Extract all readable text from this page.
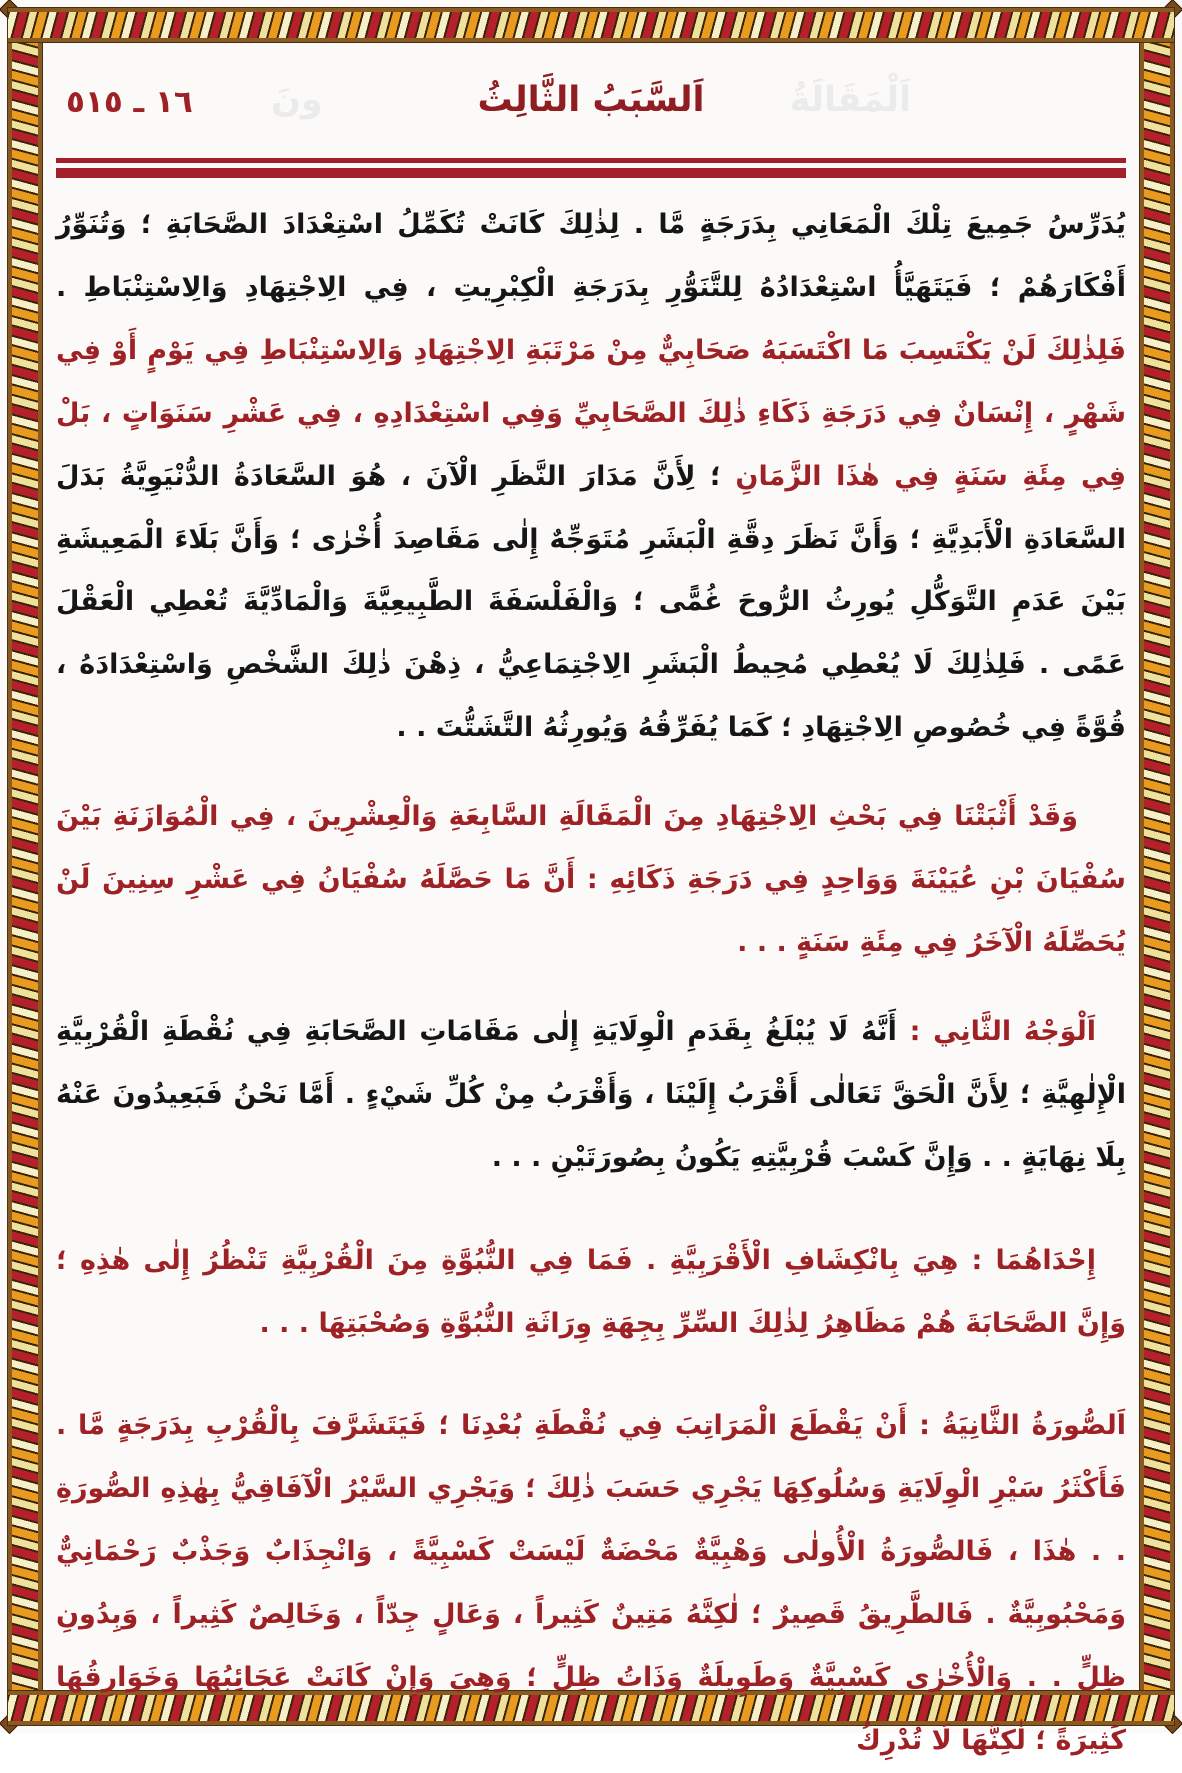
١٦ ـ ٥١٥	اَلْمَقَالَةُ
ونَ	اَلسَّبَبُ الثَّالِثُ

يُدَرِّسُ جَمِيعَ تِلْكَ الْمَعَانِي بِدَرَجَةٍ مَّا . لِذٰلِكَ كَانَتْ تُكَمِّلُ اسْتِعْدَادَ الصَّحَابَةِ ؛ وَتُنَوِّرُ أَفْكَارَهُمْ ؛ فَيَتَهَيَّأُ اسْتِعْدَادُهُ لِلتَّنَوُّرِ بِدَرَجَةِ الْكِبْرِيتِ ، فِي الِاجْتِهَادِ وَالِاسْتِنْبَاطِ . فَلِذٰلِكَ لَنْ يَكْتَسِبَ مَا اكْتَسَبَهُ صَحَابِيٌّ مِنْ مَرْتَبَةِ الِاجْتِهَادِ وَالِاسْتِنْبَاطِ فِي يَوْمٍ أَوْ فِي شَهْرٍ ، إِنْسَانٌ فِي دَرَجَةِ ذَكَاءِ ذٰلِكَ الصَّحَابِيِّ وَفِي اسْتِعْدَادِهِ ، فِي عَشْرِ سَنَوَاتٍ ، بَلْ فِي مِئَةِ سَنَةٍ فِي هٰذَا الزَّمَانِ ؛ لِأَنَّ مَدَارَ النَّظَرِ الْآنَ ، هُوَ السَّعَادَةُ الدُّنْيَوِيَّةُ بَدَلَ السَّعَادَةِ الْأَبَدِيَّةِ ؛ وَأَنَّ نَظَرَ دِقَّةِ الْبَشَرِ مُتَوَجِّهٌ إِلٰى مَقَاصِدَ أُخْرٰى ؛ وَأَنَّ بَلَاءَ الْمَعِيشَةِ بَيْنَ عَدَمِ التَّوَكُّلِ يُورِثُ الرُّوحَ غُمًّى ؛ وَالْفَلْسَفَةَ الطَّبِيعِيَّةَ وَالْمَادِّيَّةَ تُعْطِي الْعَقْلَ عَمًى . فَلِذٰلِكَ لَا يُعْطِي مُحِيطُ الْبَشَرِ الِاجْتِمَاعِيُّ ، ذِهْنَ ذٰلِكَ الشَّخْصِ وَاسْتِعْدَادَهُ ، قُوَّةً فِي خُصُوصِ الِاجْتِهَادِ ؛ كَمَا يُفَرِّقُهُ وَيُورِثُهُ التَّشَتُّتَ . .

وَقَدْ أَثْبَتْنَا فِي بَحْثِ الِاجْتِهَادِ مِنَ الْمَقَالَةِ السَّابِعَةِ وَالْعِشْرِينَ ، فِي الْمُوَازَنَةِ بَيْنَ سُفْيَانَ بْنِ عُيَيْنَةَ وَوَاحِدٍ فِي دَرَجَةِ ذَكَائِهِ : أَنَّ مَا حَصَّلَهُ سُفْيَانُ فِي عَشْرِ سِنِينَ لَنْ يُحَصِّلَهُ الْآخَرُ فِي مِئَةِ سَنَةٍ . . .

اَلْوَجْهُ الثَّانِي : أَنَّهُ لَا يُبْلَغُ بِقَدَمِ الْوِلَايَةِ إِلٰى مَقَامَاتِ الصَّحَابَةِ فِي نُقْطَةِ الْقُرْبِيَّةِ الْإِلٰهِيَّةِ ؛ لِأَنَّ الْحَقَّ تَعَالٰى أَقْرَبُ إِلَيْنَا ، وَأَقْرَبُ مِنْ كُلِّ شَيْءٍ . أَمَّا نَحْنُ فَبَعِيدُونَ عَنْهُ بِلَا نِهَايَةٍ . . وَإِنَّ كَسْبَ قُرْبِيَّتِهِ يَكُونُ بِصُورَتَيْنِ . . .

إِحْدَاهُمَا : هِيَ بِانْكِشَافِ الْأَقْرَبِيَّةِ . فَمَا فِي النُّبُوَّةِ مِنَ الْقُرْبِيَّةِ تَنْظُرُ إِلٰى هٰذِهِ ؛ وَإِنَّ الصَّحَابَةَ هُمْ مَظَاهِرُ لِذٰلِكَ السِّرِّ بِجِهَةِ وِرَاثَةِ النُّبُوَّةِ وَصُحْبَتِهَا . . .

اَلصُّورَةُ الثَّانِيَةُ : أَنْ يَقْطَعَ الْمَرَاتِبَ فِي نُقْطَةِ بُعْدِنَا ؛ فَيَتَشَرَّفَ بِالْقُرْبِ بِدَرَجَةٍ مَّا . فَأَكْثَرُ سَيْرِ الْوِلَايَةِ وَسُلُوكِهَا يَجْرِي حَسَبَ ذٰلِكَ ؛ وَيَجْرِي السَّيْرُ الْآفَاقِيُّ بِهٰذِهِ الصُّورَةِ . . هٰذَا ، فَالصُّورَةُ الْأُولٰى وَهْبِيَّةٌ مَحْضَةٌ لَيْسَتْ كَسْبِيَّةً ، وَانْجِذَابٌ وَجَذْبٌ رَحْمَانِيٌّ وَمَحْبُوبِيَّةٌ . فَالطَّرِيقُ قَصِيرٌ ؛ لٰكِنَّهُ مَتِينٌ كَثِيراً ، وَعَالٍ جِدّاً ، وَخَالِصٌ كَثِيراً ، وَبِدُونِ ظِلٍّ . . وَالْأُخْرٰى كَسْبِيَّةٌ وَطَوِيلَةٌ وَذَاتُ ظِلٍّ ؛ وَهِيَ وَإِنْ كَانَتْ عَجَائِبُهَا وَخَوَارِقُهَا كَثِيرَةً ؛ لٰكِنَّهَا لَا تُدْرِكُ
